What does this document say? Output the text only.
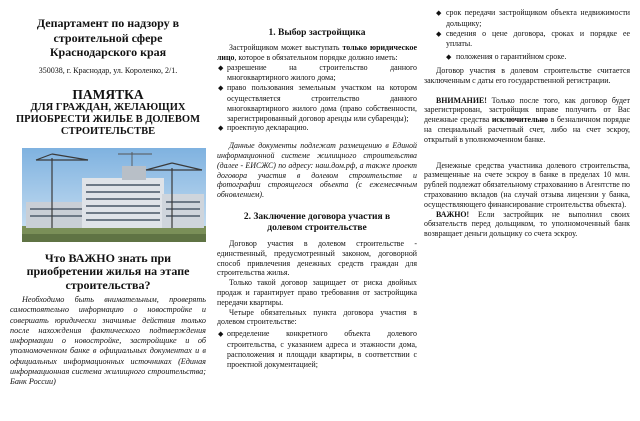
Департамент по надзору в
строительной сфере
Краснодарского края
350038, г. Краснодар, ул. Короленко, 2/1.
ПАМЯТКА
ДЛЯ ГРАЖДАН, ЖЕЛАЮЩИХ
ПРИОБРЕСТИ ЖИЛЬЕ В ДОЛЕВОМ
СТРОИТЕЛЬСТВЕ
Что ВАЖНО знать при
приобретении жилья на этапе
строительства?
Необходимо быть внимательным, проверять самостоятельно информацию о новостройке и совершать юридически значимые действия только после нахождения фактического подтверждения информации о новостройке, застройщике и об уполномоченном банке в официальных документах и в официальных информационных источниках (Единая информационная система жилищного строительства; Банк России)
1. Выбор застройщика

Застройщиком может выступать только юридическое лицо, которое в обязательном порядке должно иметь:

◆ разрешение на строительство данного многоквартирного жилого дома;
◆ право пользования земельным участком на котором осуществляется строительство данного многоквартирного жилого дома (право собственности, зарегистрированный договор аренды или субаренды);
◆ проектную декларацию.

Данные документы подлежат размещению в Единой информационной системе жилищного строительства (далее - ЕИСЖС) по адресу: наш.дом.рф, а также проект договора участия в долевом строительстве и фотографии строящегося объекта (с ежемесячным обновлением).

2. Заключение договора участия в
долевом строительстве

Договор участия в долевом строительстве - единственный, предусмотренный законом, договорной способ привлечения денежных средств граждан для строительства жилья.

Только такой договор защищает от риска двойных продаж и гарантирует право требования от застройщика передачи квартиры.

Четыре обязательных пункта договора участия в долевом строительстве:

◆ определение конкретного объекта долевого строительства, с указанием адреса и этажности дома, расположения и площади квартиры, в соответствии с проектной документацией;
◆ срок передачи застройщиком объекта недвижимости дольщику;
◆ сведения о цене договора, сроках и порядке ее уплаты.
◆ положения о гарантийном сроке.

Договор участия в долевом строительстве считается заключенным с даты его государственной регистрации.

ВНИМАНИЕ! Только после того, как договор будет зарегистрирован, застройщик вправе получить от Вас денежные средства исключительно в безналичном порядке на специальный расчетный счет, либо на счет эскроу, открытый в уполномоченном банке.

Денежные средства участника долевого строительства, размещенные на счете эскроу в банке в пределах 10 млн. рублей подлежат обязательному страхованию в Агентстве по страхованию вкладов (на случай отзыва лицензии у банка, осуществляющего финансирование строительства объекта).

ВАЖНО! Если застройщик не выполнил своих обязательств перед дольщиком, то уполномоченный банк возвращает деньги дольщику со счета эскроу.
